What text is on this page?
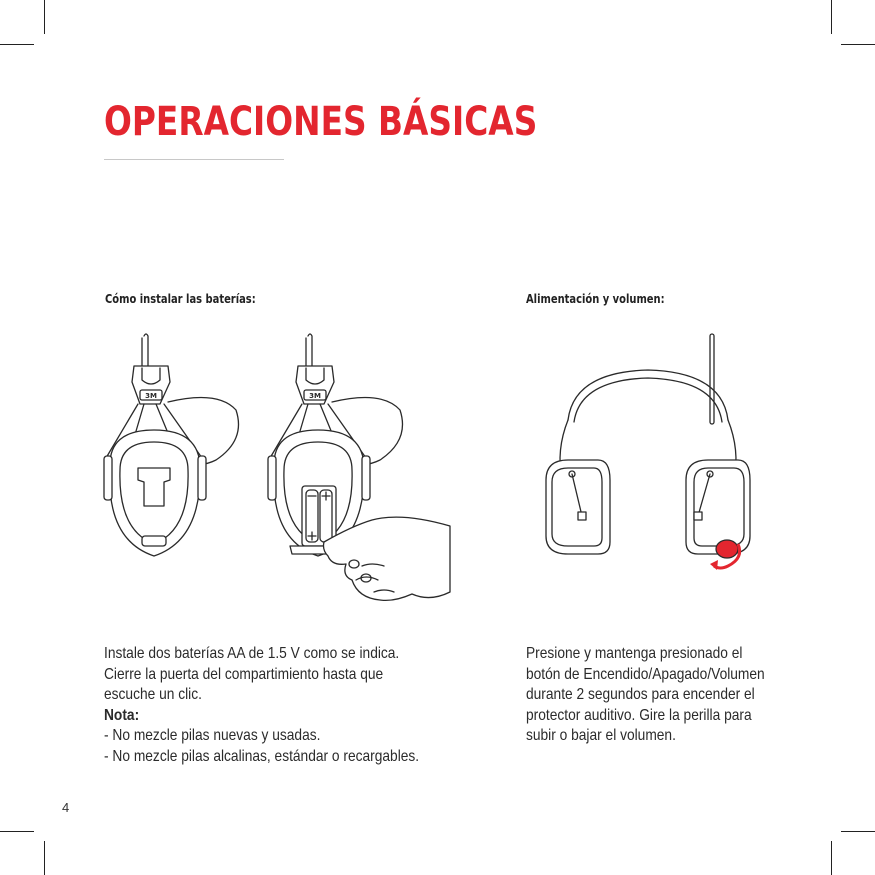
OPERACIONES BÁSICAS

Cómo instalar las baterías:	Alimentación y volumen:

3M	3M
Instale dos baterías AA de 1.5 V como se indica.
Cierre la puerta del compartimiento hasta que
escuche un clic.
Nota:
- No mezcle pilas nuevas y usadas.
- No mezcle pilas alcalinas, estándar o recargables.
Presione y mantenga presionado el
botón de Encendido/Apagado/Volumen
durante 2 segundos para encender el
protector auditivo. Gire la perilla para
subir o bajar el volumen.
4
